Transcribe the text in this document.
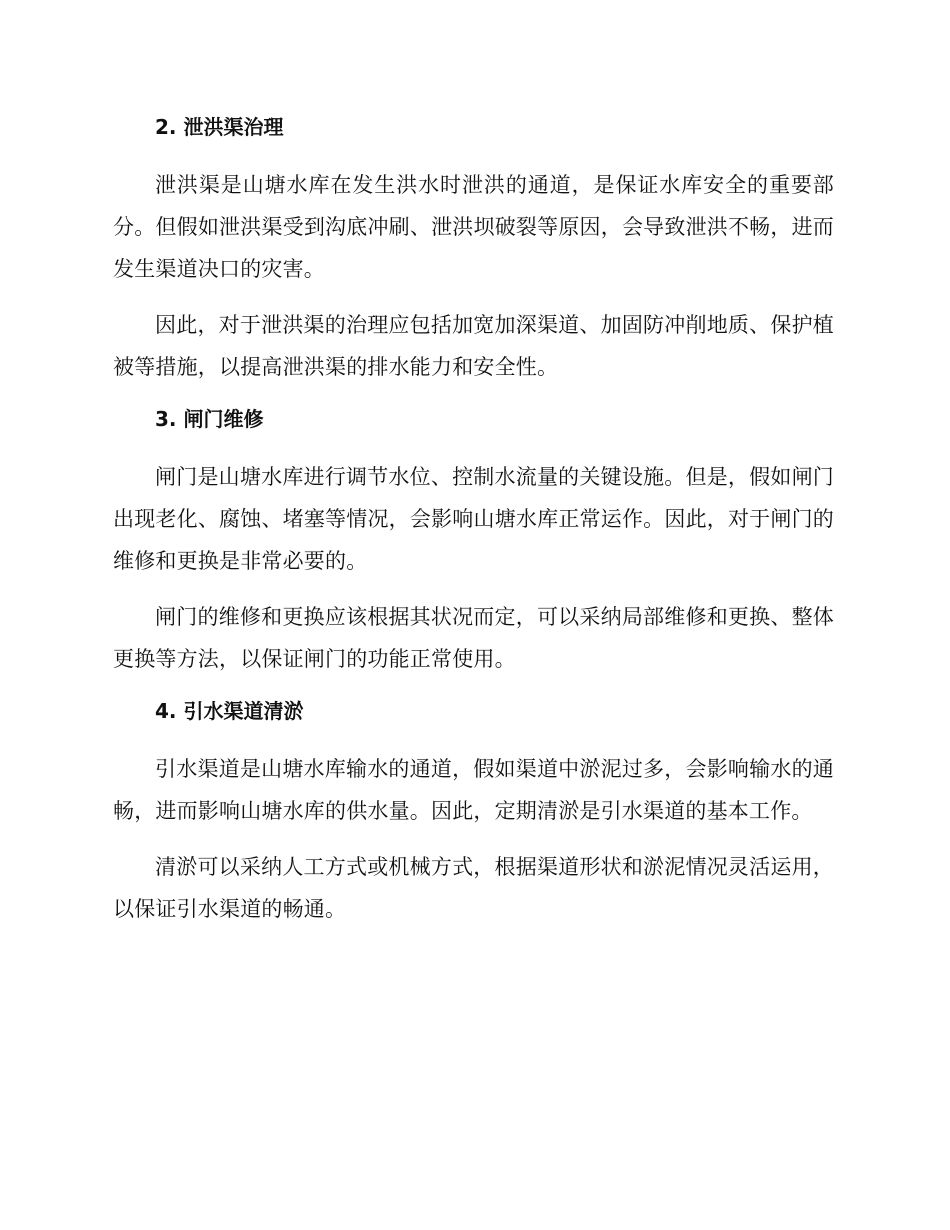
2. 泄洪渠治理

泄洪渠是山塘水库在发生洪水时泄洪的通道，是保证水库安全的重要部分。但假如泄洪渠受到沟底冲刷、泄洪坝破裂等原因，会导致泄洪不畅，进而发生渠道决口的灾害。

因此，对于泄洪渠的治理应包括加宽加深渠道、加固防冲削地质、保护植被等措施，以提高泄洪渠的排水能力和安全性。

3. 闸门维修

闸门是山塘水库进行调节水位、控制水流量的关键设施。但是，假如闸门出现老化、腐蚀、堵塞等情况，会影响山塘水库正常运作。因此，对于闸门的维修和更换是非常必要的。

闸门的维修和更换应该根据其状况而定，可以采纳局部维修和更换、整体更换等方法，以保证闸门的功能正常使用。

4. 引水渠道清淤

引水渠道是山塘水库输水的通道，假如渠道中淤泥过多，会影响输水的通畅，进而影响山塘水库的供水量。因此，定期清淤是引水渠道的基本工作。

清淤可以采纳人工方式或机械方式，根据渠道形状和淤泥情况灵活运用，以保证引水渠道的畅通。
